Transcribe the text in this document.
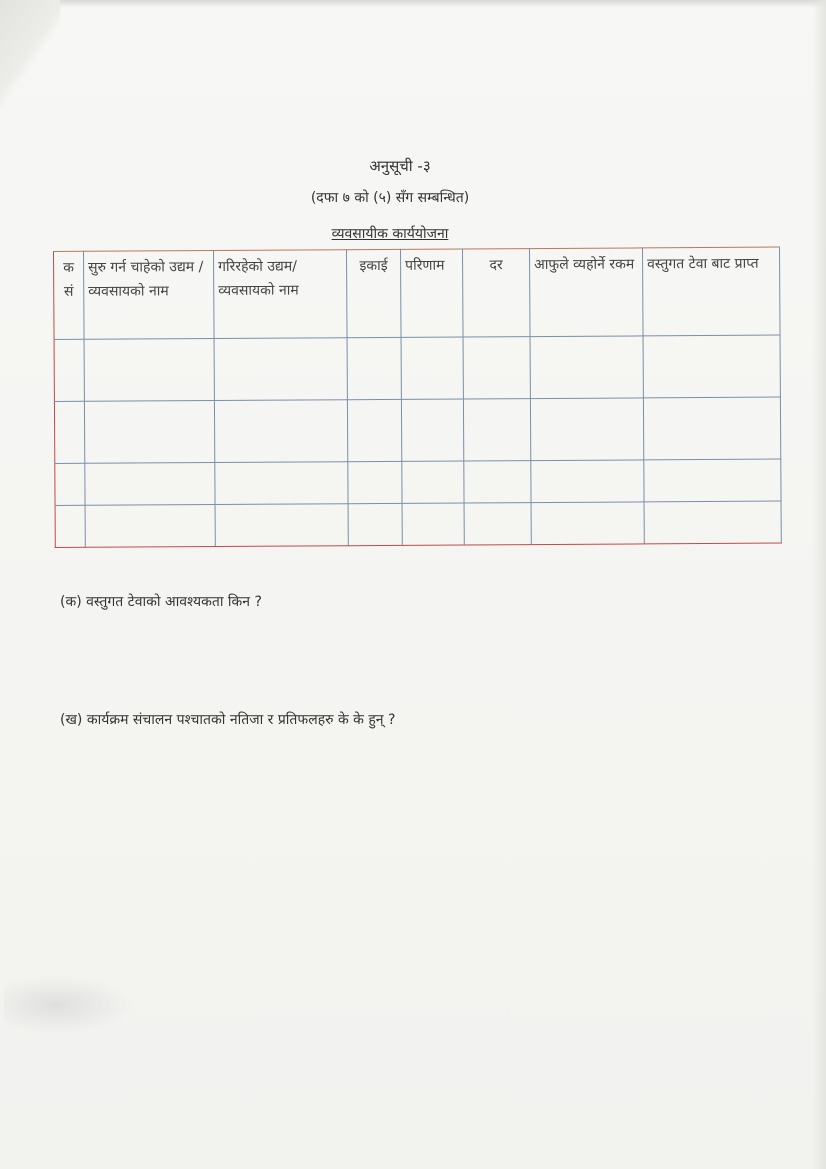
अनुसूची -३
(दफा ७ को (५) सँग सम्बन्धित)
व्यवसायीक कार्ययोजना
क सं	सुरु गर्न चाहेको उद्यम /व्यवसायको नाम	गरिरहेको उद्यम/व्यवसायको नाम	इकाई	परिणाम	दर	आफुले व्यहोर्ने रकम	वस्तुगत टेवा बाट प्राप्त

(क) वस्तुगत टेवाको आवश्यकता किन ?
(ख) कार्यक्रम संचालन पश्चातको नतिजा र प्रतिफलहरु के के हुन् ?
